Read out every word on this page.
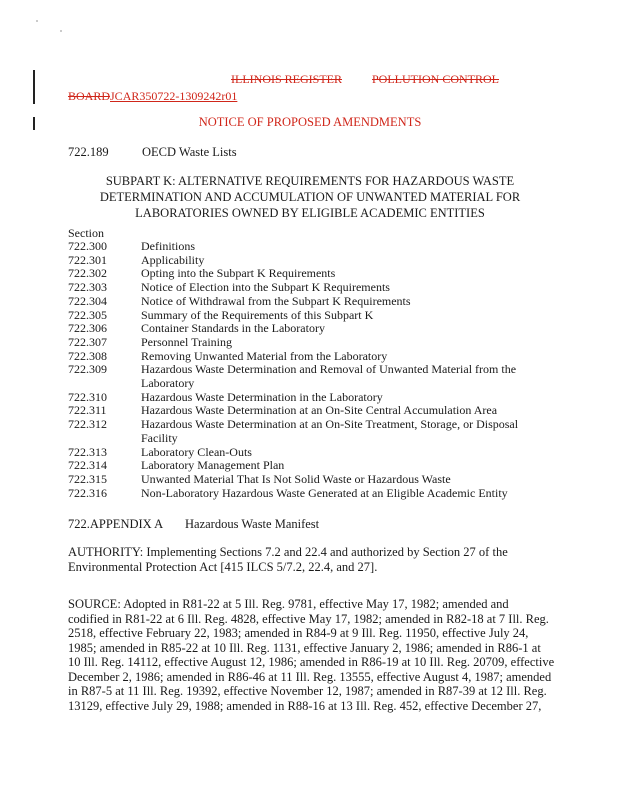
ILLINOIS REGISTER	POLLUTION CONTROL
BOARDJCAR350722-1309242r01
NOTICE OF PROPOSED AMENDMENTS
722.189	OECD Waste Lists
SUBPART K: ALTERNATIVE REQUIREMENTS FOR HAZARDOUS WASTE
DETERMINATION AND ACCUMULATION OF UNWANTED MATERIAL FOR
LABORATORIES OWNED BY ELIGIBLE ACADEMIC ENTITIES
Section
722.300	Definitions
722.301	Applicability
722.302	Opting into the Subpart K Requirements
722.303	Notice of Election into the Subpart K Requirements
722.304	Notice of Withdrawal from the Subpart K Requirements
722.305	Summary of the Requirements of this Subpart K
722.306	Container Standards in the Laboratory
722.307	Personnel Training
722.308	Removing Unwanted Material from the Laboratory
722.309	Hazardous Waste Determination and Removal of Unwanted Material from the
Laboratory
722.310	Hazardous Waste Determination in the Laboratory
722.311	Hazardous Waste Determination at an On-Site Central Accumulation Area
722.312	Hazardous Waste Determination at an On-Site Treatment, Storage, or Disposal
Facility
722.313	Laboratory Clean-Outs
722.314	Laboratory Management Plan
722.315	Unwanted Material That Is Not Solid Waste or Hazardous Waste
722.316	Non-Laboratory Hazardous Waste Generated at an Eligible Academic Entity
722.APPENDIX A Hazardous Waste Manifest
AUTHORITY: Implementing Sections 7.2 and 22.4 and authorized by Section 27 of the
Environmental Protection Act [415 ILCS 5/7.2, 22.4, and 27].
SOURCE: Adopted in R81-22 at 5 Ill. Reg. 9781, effective May 17, 1982; amended and
codified in R81-22 at 6 Ill. Reg. 4828, effective May 17, 1982; amended in R82-18 at 7 Ill. Reg.
2518, effective February 22, 1983; amended in R84-9 at 9 Ill. Reg. 11950, effective July 24,
1985; amended in R85-22 at 10 Ill. Reg. 1131, effective January 2, 1986; amended in R86-1 at
10 Ill. Reg. 14112, effective August 12, 1986; amended in R86-19 at 10 Ill. Reg. 20709, effective
December 2, 1986; amended in R86-46 at 11 Ill. Reg. 13555, effective August 4, 1987; amended
in R87-5 at 11 Ill. Reg. 19392, effective November 12, 1987; amended in R87-39 at 12 Ill. Reg.
13129, effective July 29, 1988; amended in R88-16 at 13 Ill. Reg. 452, effective December 27,
